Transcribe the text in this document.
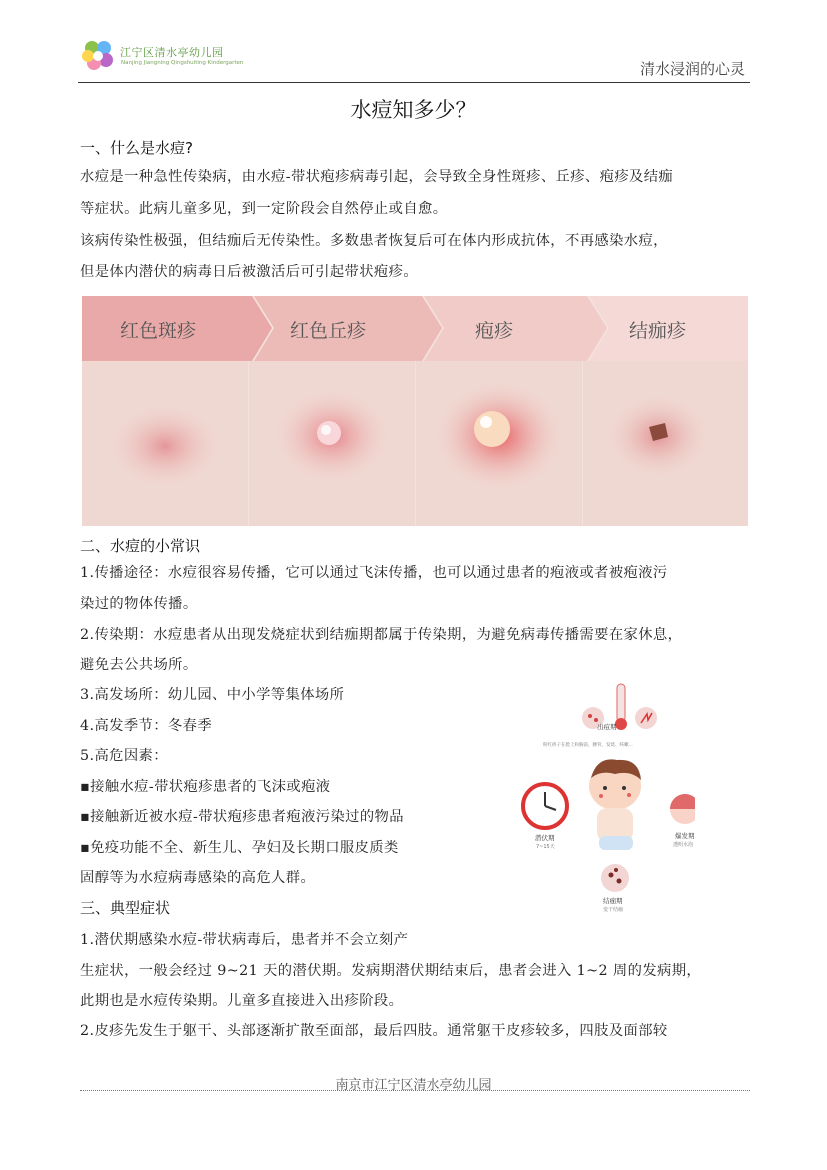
江宁区清水亭幼儿园
Nanjing Jiangning Qingshuiting Kindergarten	清水浸润的心灵
水痘知多少？
一、什么是水痘?
水痘是一种急性传染病，由水痘-带状疱疹病毒引起，会导致全身性斑疹、丘疹、疱疹及结痂
等症状。此病儿童多见，到一定阶段会自然停止或自愈。
该病传染性极强，但结痂后无传染性。多数患者恢复后可在体内形成抗体，不再感染水痘，
但是体内潜伏的病毒日后被激活后可引起带状疱疹。
红色斑疹	红色丘疹	疱疹	结痂疹
二、水痘的小常识
1.传播途径：水痘很容易传播，它可以通过飞沫传播，也可以通过患者的疱液或者被疱液污
染过的物体传播。
2.传染期：水痘患者从出现发烧症状到结痂期都属于传染期，为避免病毒传播需要在家休息，
避免去公共场所。
3.高发场所：幼儿园、中小学等集体场所
4.高发季节：冬春季
5.高危因素：
▪接触水痘-带状疱疹患者的飞沫或疱液
▪接触新近被水痘-带状疱疹患者疱液污染过的物品
▪免疫功能不全、新生儿、孕妇及长期口服皮质类
固醇等为水痘病毒感染的高危人群。
出痘期
粉红疹子在脸上和胸前、腰背、发烧、咳嗽...
潜伏期
7~15天
爆发期
透明水泡
结痂期
变干结痂
三、典型症状
1.潜伏期感染水痘-带状病毒后，患者并不会立刻产
生症状，一般会经过 9~21 天的潜伏期。发病期潜伏期结束后，患者会进入 1~2 周的发病期，
此期也是水痘传染期。儿童多直接进入出疹阶段。
2.皮疹先发生于躯干、头部逐渐扩散至面部，最后四肢。通常躯干皮疹较多，四肢及面部较
南京市江宁区清水亭幼儿园
